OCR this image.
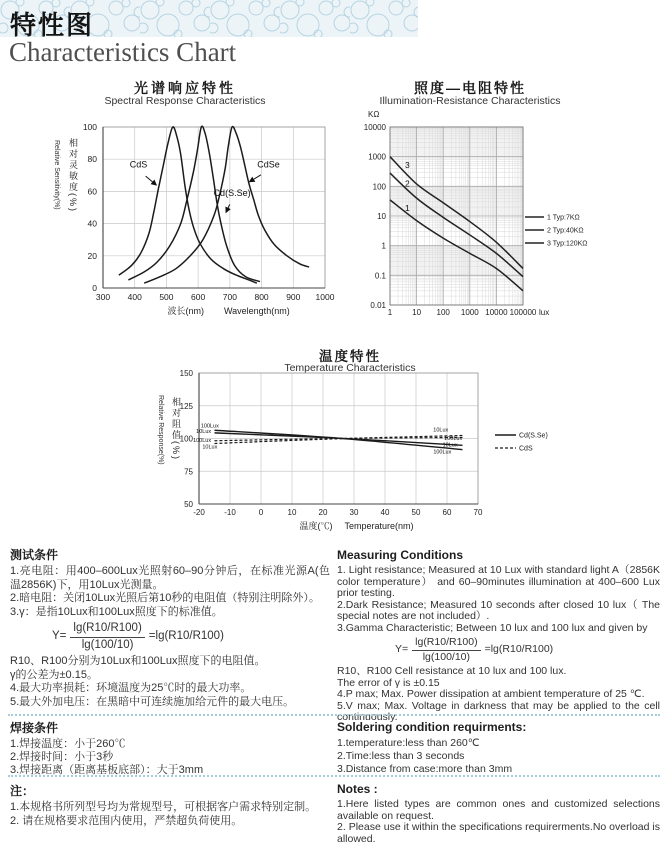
特性图
Characteristics Chart
光谱响应特性
Spectral Response Characteristics
Relative Sensitivity(%) 相对灵敏度(%)
300 400 500 600 700 800 900 1000
0
20
40
60
80
100
CdS
Cd(S.Se)
CdSe
波长(nm) Wavelength(nm)
照度—电阻特性
Illumination-Resistance Characteristics
1 10 100 1000 10000 100000
0.01
0.1
1
10
100
1000
10000
KΩ
lux
3
2
1
1 Typ:7KΩ
2 Typ:40KΩ
3 Typ:120KΩ
温度特性
Temperature Characteristics
Relative Response(%) 相对阻值(%)
-20 -10	0	10	20	30	40	50	60	70
50
75
100
125
150
100Lux
10Lux
100Lux
10Lux
10Lux
100Lux
10Lux
100Lux
Cd(S.Se)
CdS
温度(℃) Temperature(nm)
测试条件

1.亮电阻：用400–600Lux光照射60–90分钟后，在标准光源A(色温2856K)下，用10Lux光测量。

2.暗电阻：关闭10Lux光照后第10秒的电阻值（特别注明除外）。

3.γ：是指10Lux和100Lux照度下的标准值。

$Y= \frac{\lg(R10/R100)}{\lg(100/10)} =\lg(R10/R100)$

R10、R100分别为10Lux和100Lux照度下的电阻值。

γ的公差为±0.15。

4.最大功率损耗：环境温度为25℃时的最大功率。

5.最大外加电压：在黑暗中可连续施加给元件的最大电压。

Measuring Conditions

1. Light resistance; Measured at 10 Lux with standard light A（2856K color temperature） and 60–90minutes illumination at 400–600 Lux prior testing.

2.Dark Resistance; Measured 10 seconds after closed 10 lux（ The special notes are not included）.

3.Gamma Characteristic; Between 10 lux and 100 lux and given by

$Y= \frac{\lg(R10/R100)}{\lg(100/10)} =\lg(R10/R100)$

R10、R100 Cell resistance at 10 lux and 100 lux.

The error of γ is ±0.15

4.P max; Max. Power dissipation at ambient temperature of 25 ℃.

5.V max; Max. Voltage in darkness that may be applied to the cell continuously.

焊接条件

1.焊接温度：小于260℃

2.焊接时间：小于3秒

3.焊接距离（距离基板底部）：大于3mm

Soldering condition requirments:

1.temperature:less than 260℃

2.Time:less than 3 seconds

3.Distance from case:more than 3mm

注：

1.本规格书所列型号均为常规型号，可根据客户需求特别定制。

2. 请在规格要求范围内使用，严禁超负荷使用。

Notes :

1.Here listed types are common ones and customized selections available on request.

2. Please use it within the specifications requirerments.No overload is allowed.
